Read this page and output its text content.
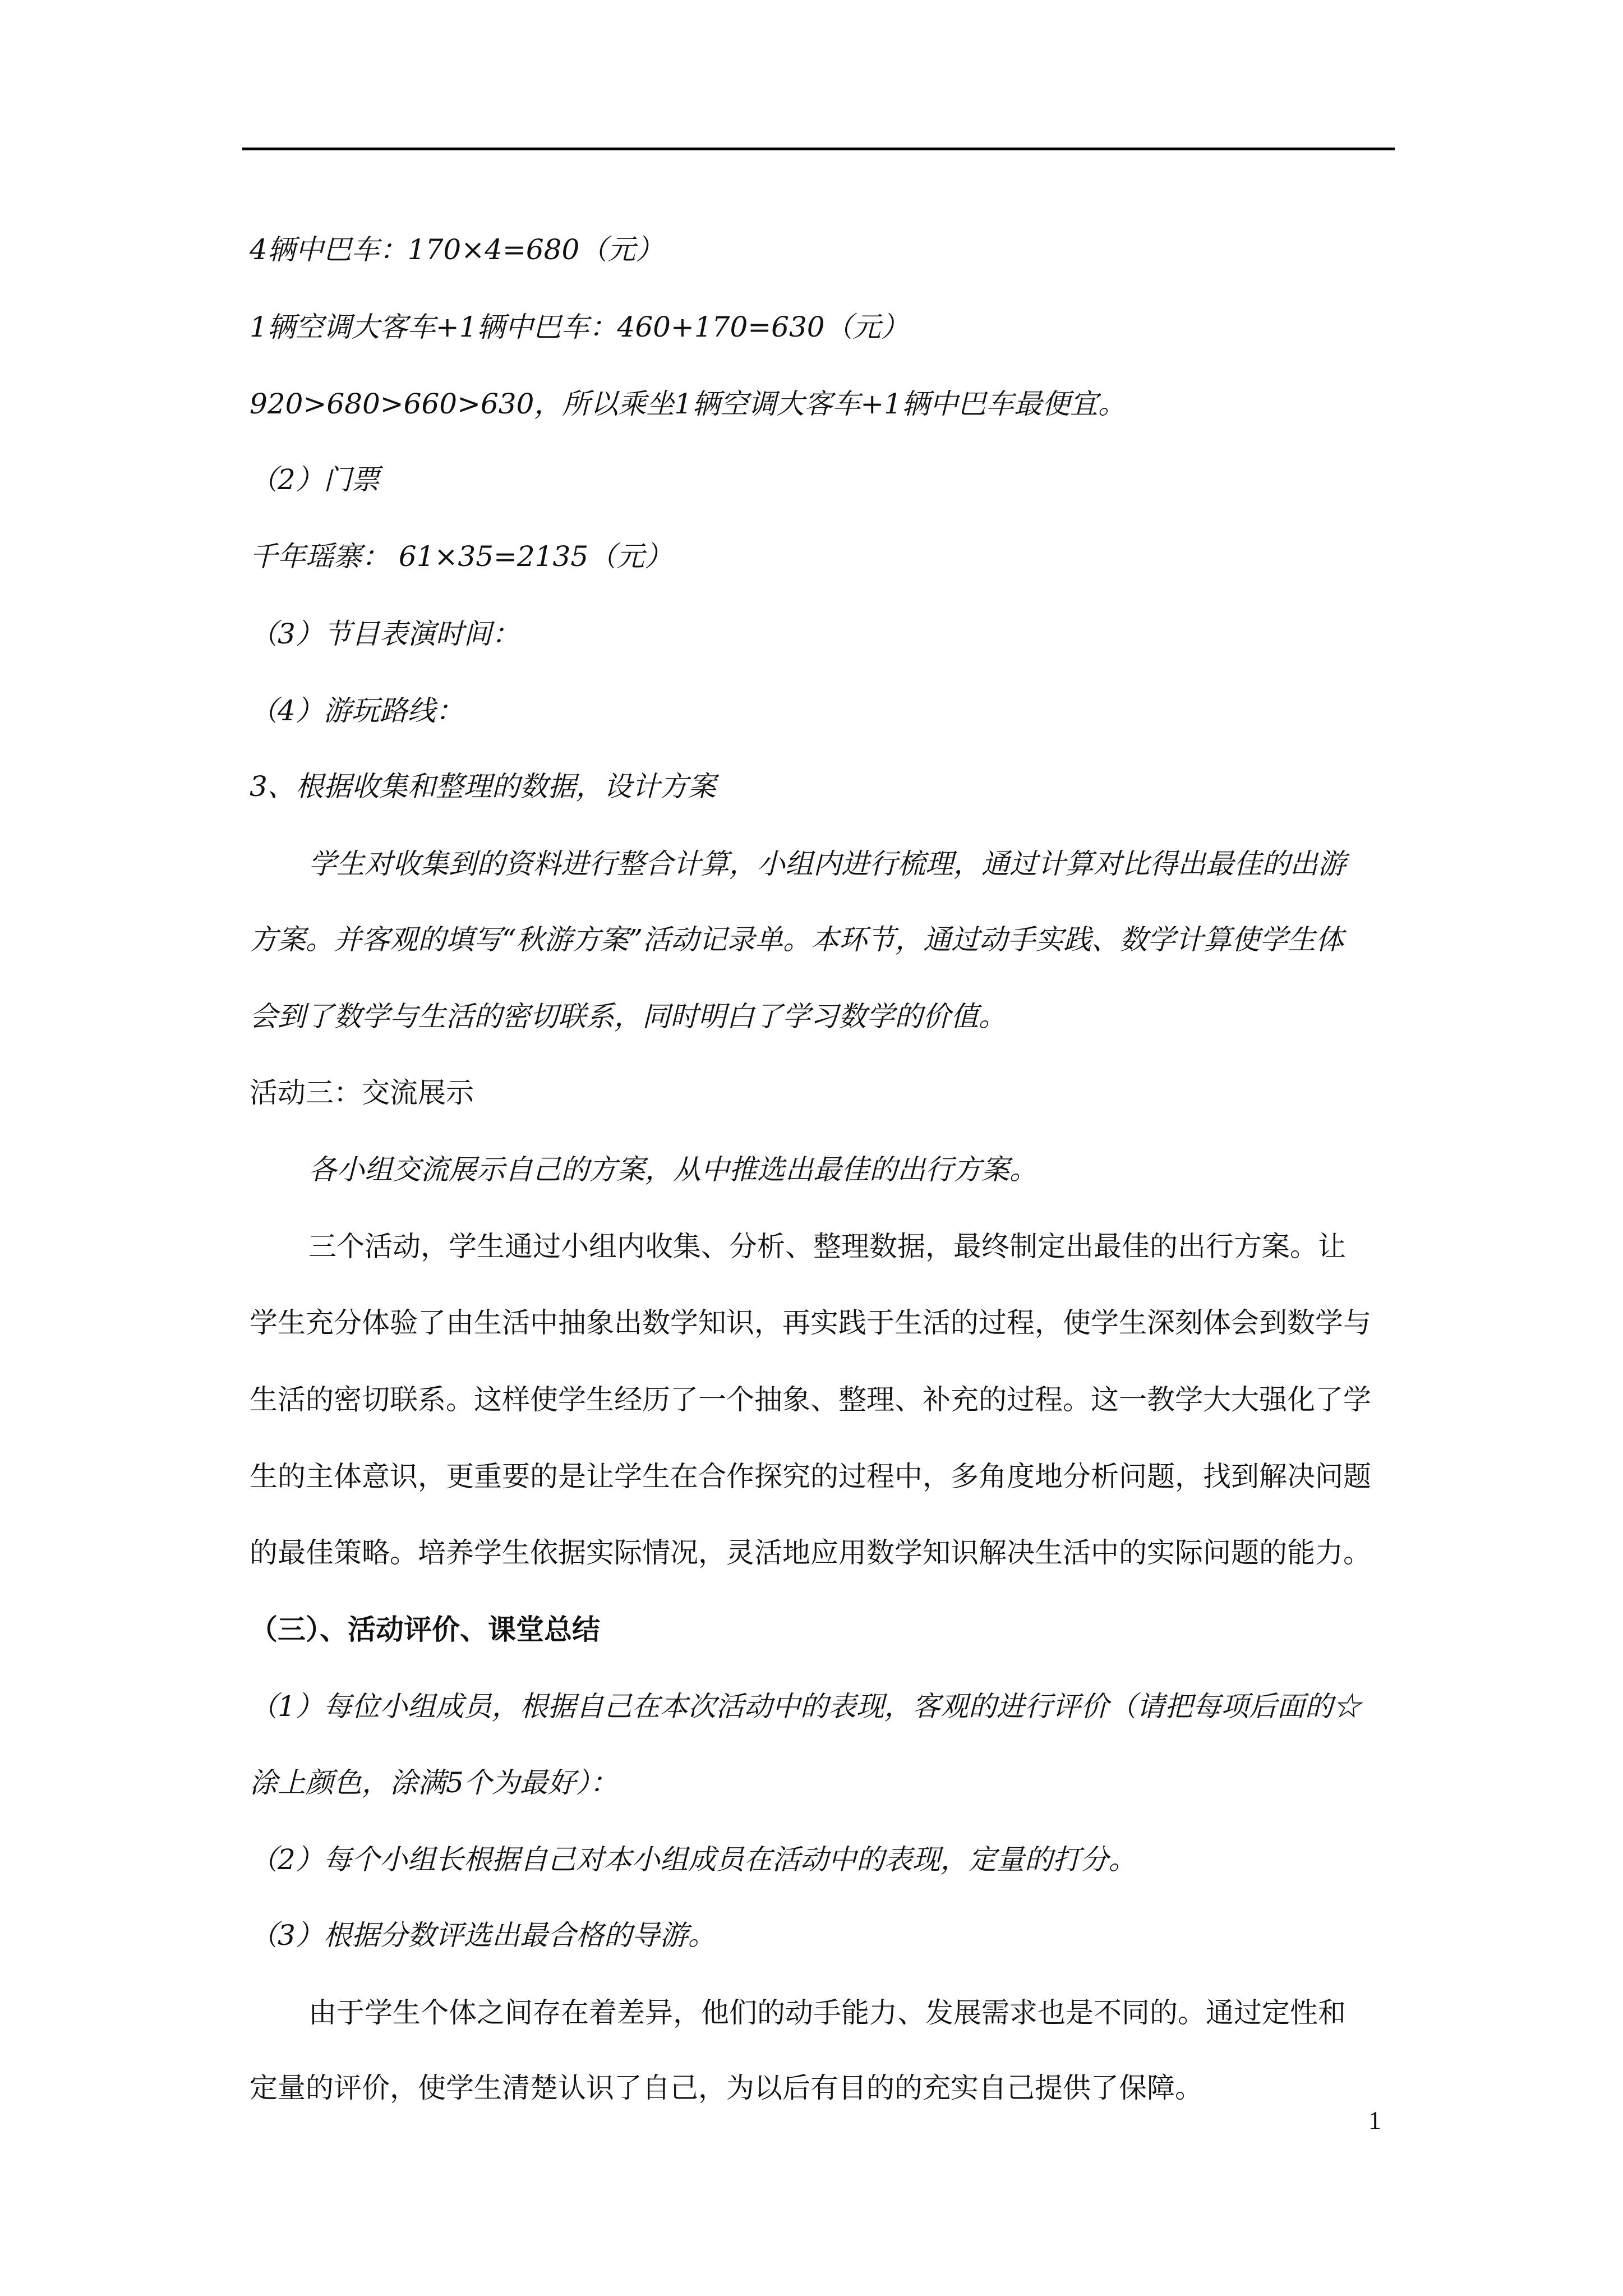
4辆中巴车：170×4=680（元）
1辆空调大客车+1辆中巴车：460+170=630（元）
920>680>660>630，所以乘坐1辆空调大客车+1辆中巴车最便宜。
（2）门票
千年瑶寨： 61×35=2135（元）
（3）节目表演时间：
（4）游玩路线：
3、根据收集和整理的数据，设计方案
学生对收集到的资料进行整合计算，小组内进行梳理，通过计算对比得出最佳的出游
方案。并客观的填写“秋游方案”活动记录单。本环节，通过动手实践、数学计算使学生体
会到了数学与生活的密切联系，同时明白了学习数学的价值。
活动三：交流展示
各小组交流展示自己的方案，从中推选出最佳的出行方案。
三个活动，学生通过小组内收集、分析、整理数据，最终制定出最佳的出行方案。让
学生充分体验了由生活中抽象出数学知识，再实践于生活的过程，使学生深刻体会到数学与
生活的密切联系。这样使学生经历了一个抽象、整理、补充的过程。这一教学大大强化了学
生的主体意识，更重要的是让学生在合作探究的过程中，多角度地分析问题，找到解决问题
的最佳策略。培养学生依据实际情况，灵活地应用数学知识解决生活中的实际问题的能力。
（三）、活动评价、课堂总结
（1）每位小组成员，根据自己在本次活动中的表现，客观的进行评价（请把每项后面的☆
涂上颜色，涂满5个为最好）：
（2）每个小组长根据自己对本小组成员在活动中的表现，定量的打分。
（3）根据分数评选出最合格的导游。
由于学生个体之间存在着差异，他们的动手能力、发展需求也是不同的。通过定性和
定量的评价，使学生清楚认识了自己，为以后有目的的充实自己提供了保障。
1
